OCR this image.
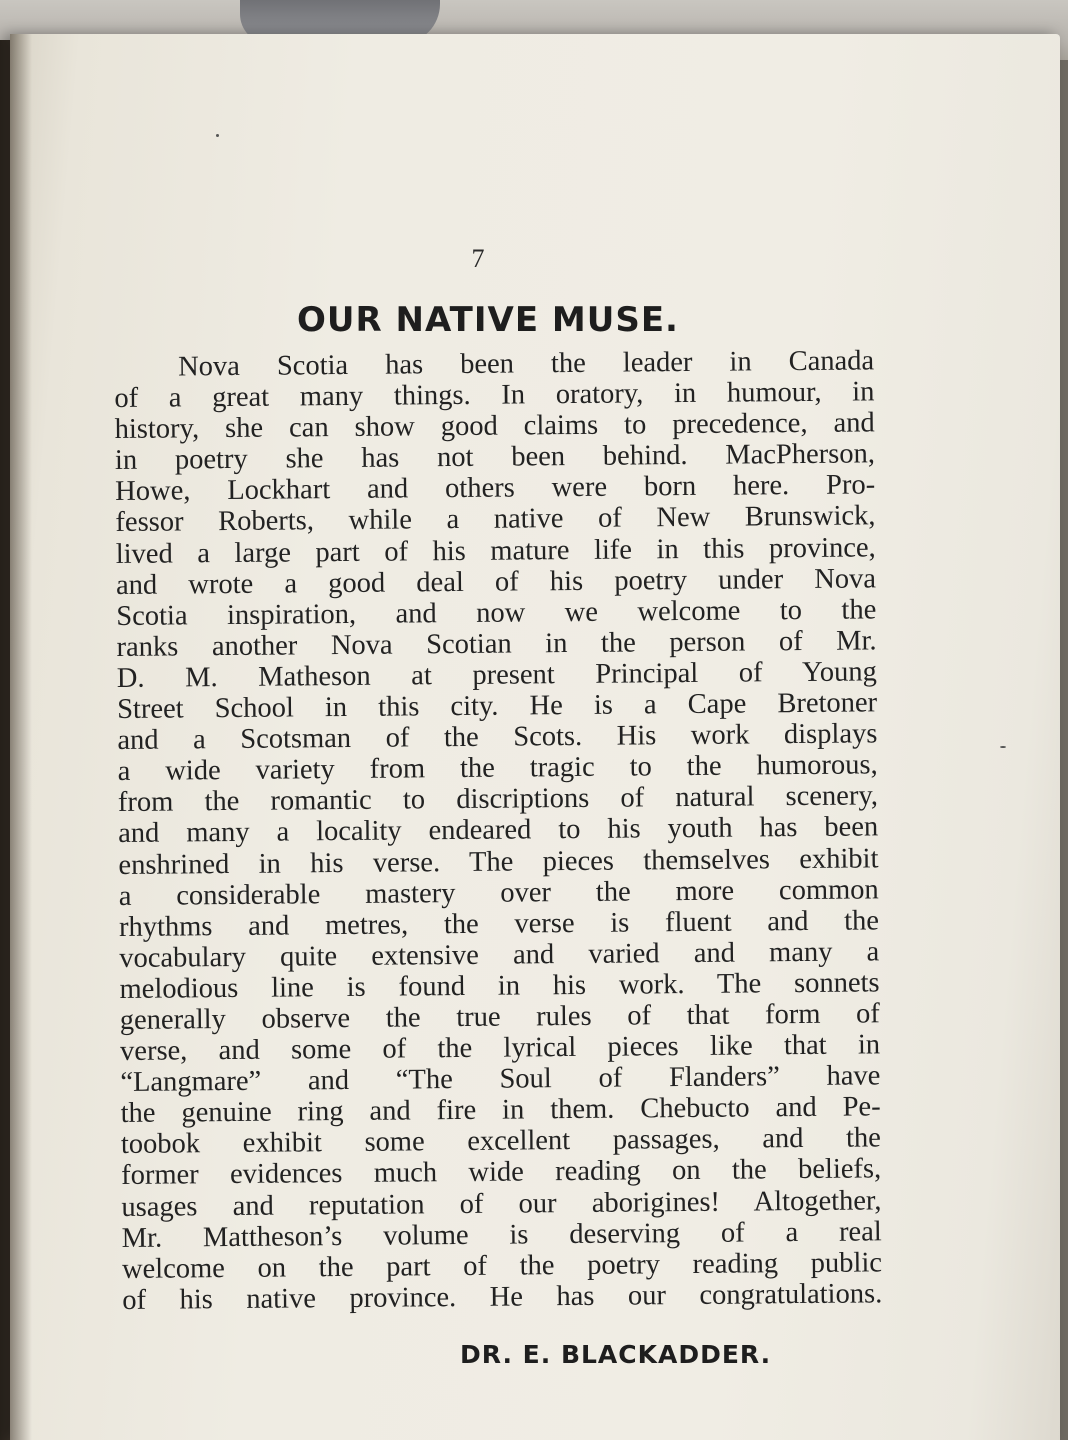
7
OUR NATIVE MUSE.
Nova Scotia has been the leader in Canada
of a great many things. In oratory, in humour, in
history, she can show good claims to precedence, and
in poetry she has not been behind. MacPherson,
Howe, Lockhart and others were born here. Pro-
fessor Roberts, while a native of New Brunswick,
lived a large part of his mature life in this province,
and wrote a good deal of his poetry under Nova
Scotia inspiration, and now we welcome to the
ranks another Nova Scotian in the person of Mr.
D. M. Matheson at present Principal of Young
Street School in this city. He is a Cape Bretoner
and a Scotsman of the Scots. His work displays
a wide variety from the tragic to the humorous,
from the romantic to discriptions of natural scenery,
and many a locality endeared to his youth has been
enshrined in his verse. The pieces themselves exhibit
a considerable mastery over the more common
rhythms and metres, the verse is fluent and the
vocabulary quite extensive and varied and many a
melodious line is found in his work. The sonnets
generally observe the true rules of that form of
verse, and some of the lyrical pieces like that in
“Langmare” and “The Soul of Flanders” have
the genuine ring and fire in them. Chebucto and Pe-
toobok exhibit some excellent passages, and the
former evidences much wide reading on the beliefs,
usages and reputation of our aborigines! Altogether,
Mr. Mattheson’s volume is deserving of a real
welcome on the part of the poetry reading public
of his native province. He has our congratulations.
DR. E. BLACKADDER.
